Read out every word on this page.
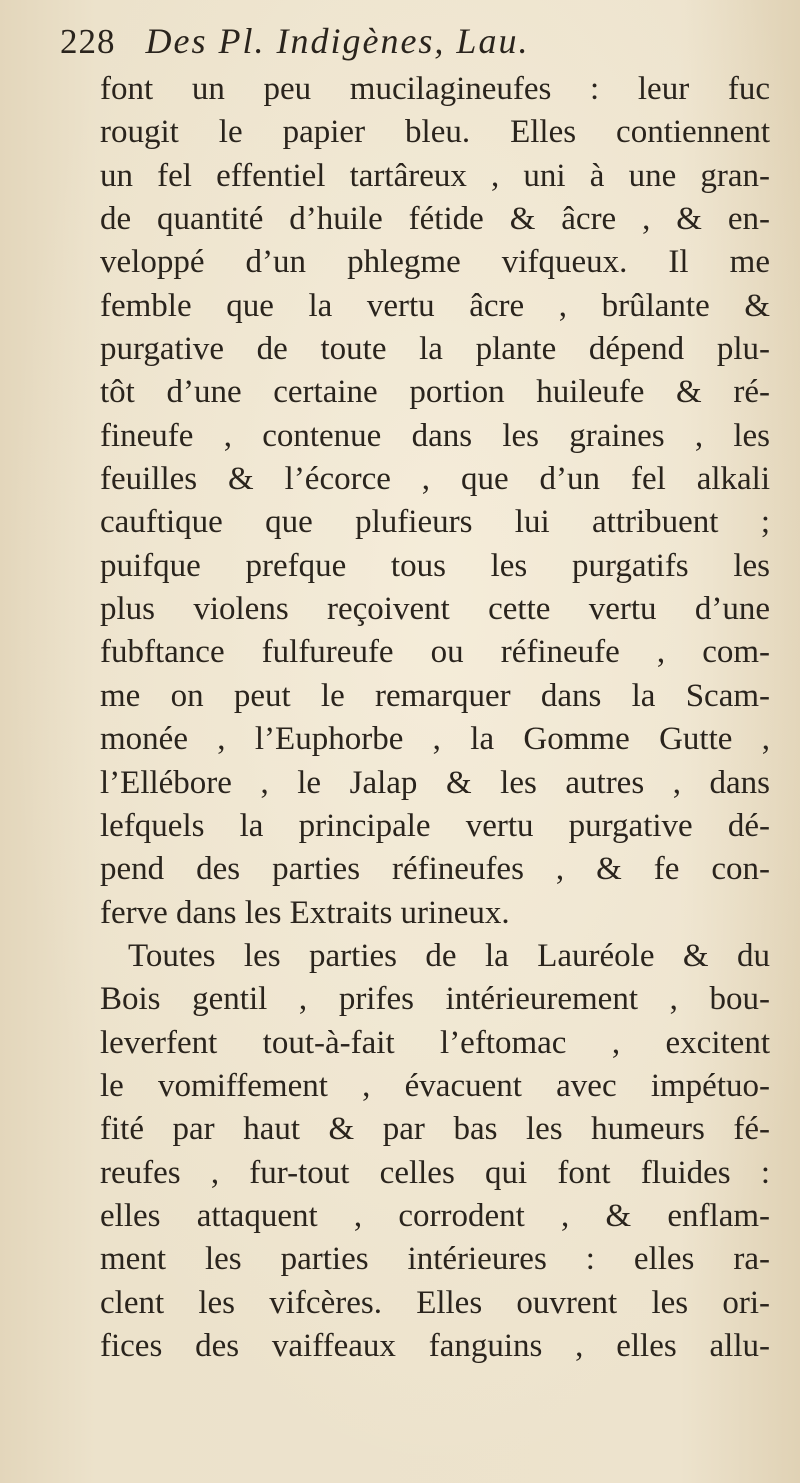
228 Des Pl. Indigènes, Lau.
font un peu mucilagineufes : leur fuc
rougit le papier bleu. Elles contiennent
un fel effentiel tartâreux , uni à une gran-
de quantité d’huile fétide & âcre , & en-
veloppé d’un phlegme vifqueux. Il me
femble que la vertu âcre , brûlante &
purgative de toute la plante dépend plu-
tôt d’une certaine portion huileufe & ré-
fineufe , contenue dans les graines , les
feuilles & l’écorce , que d’un fel alkali
cauftique que plufieurs lui attribuent ;
puifque prefque tous les purgatifs les
plus violens reçoivent cette vertu d’une
fubftance fulfureufe ou réfineufe , com-
me on peut le remarquer dans la Scam-
monée , l’Euphorbe , la Gomme Gutte ,
l’Ellébore , le Jalap & les autres , dans
lefquels la principale vertu purgative dé-
pend des parties réfineufes , & fe con-
ferve dans les Extraits urineux.
Toutes les parties de la Lauréole & du
Bois gentil , prifes intérieurement , bou-
leverfent tout-à-fait l’eftomac , excitent
le vomiffement , évacuent avec impétuo-
fité par haut & par bas les humeurs fé-
reufes , fur-tout celles qui font fluides :
elles attaquent , corrodent , & enflam-
ment les parties intérieures : elles ra-
clent les vifcères. Elles ouvrent les ori-
fices des vaiffeaux fanguins , elles allu-
